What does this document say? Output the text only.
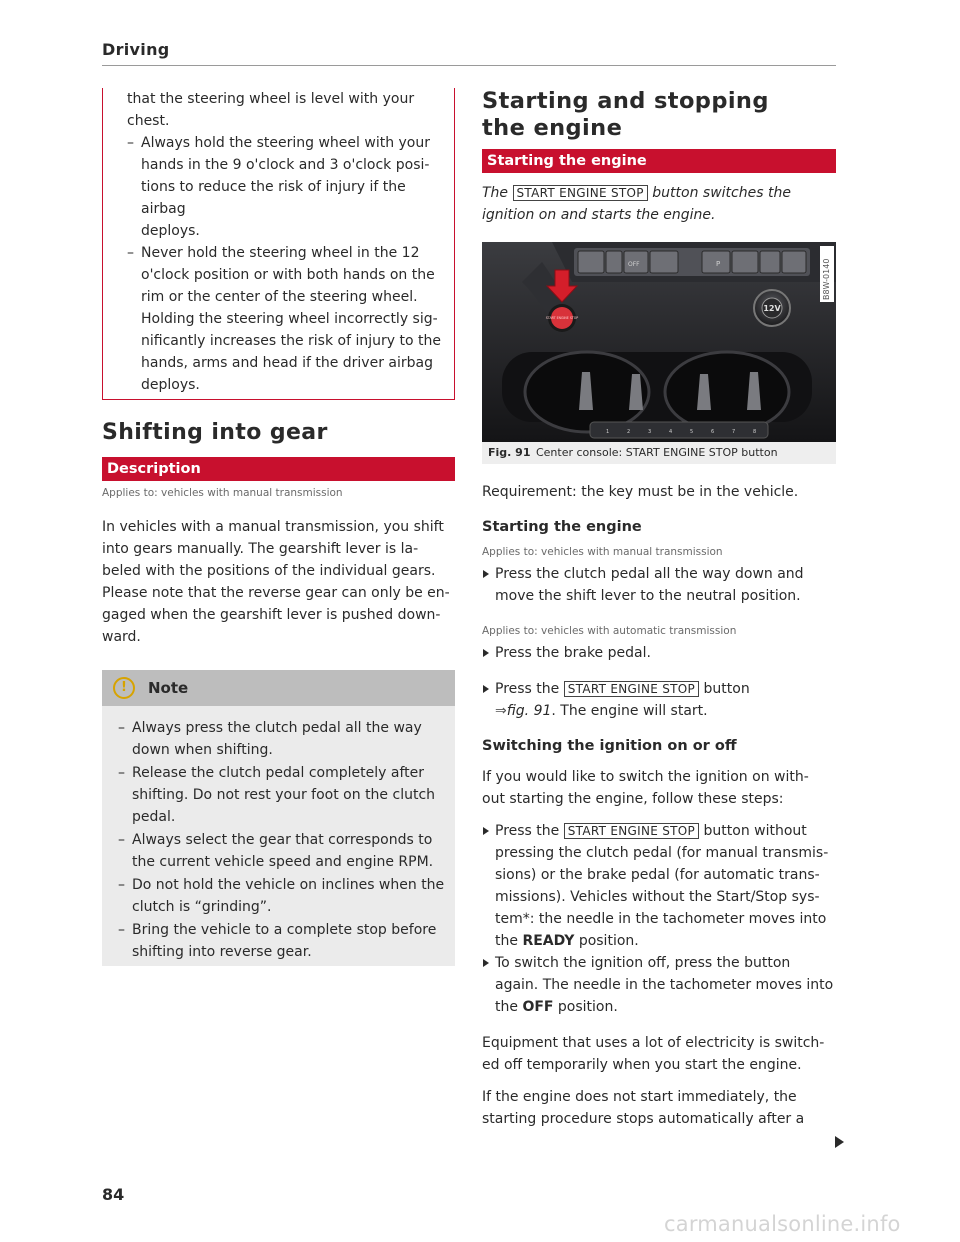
Driving
that the steering wheel is level with your
chest.
– Always hold the steering wheel with your
hands in the 9 o'clock and 3 o'clock posi-
tions to reduce the risk of injury if the airbag
deploys.
– Never hold the steering wheel in the 12
o'clock position or with both hands on the
rim or the center of the steering wheel.
Holding the steering wheel incorrectly sig-
nificantly increases the risk of injury to the
hands, arms and head if the driver airbag
deploys.
Shifting into gear
Description
Applies to: vehicles with manual transmission
In vehicles with a manual transmission, you shift
into gears manually. The gearshift lever is la-
beled with the positions of the individual gears.
Please note that the reverse gear can only be en-
gaged when the gearshift lever is pushed down-
ward.
!	Note
– Always press the clutch pedal all the way
down when shifting.
– Release the clutch pedal completely after
shifting. Do not rest your foot on the clutch
pedal.
– Always select the gear that corresponds to
the current vehicle speed and engine RPM.
– Do not hold the vehicle on inclines when the
clutch is “grinding”.
– Bring the vehicle to a complete stop before
shifting into reverse gear.
Starting and stopping
the engine
Starting the engine
The START ENGINE STOP button switches the
ignition on and starts the engine.
OFF	P
START ENGINE STOP
12V
1	2	3	4	5	6	7	8
B8W-0140
Fig. 91 Center console: START ENGINE STOP button
Requirement: the key must be in the vehicle.
Starting the engine
Applies to: vehicles with manual transmission
Press the clutch pedal all the way down and
move the shift lever to the neutral position.
Applies to: vehicles with automatic transmission
Press the brake pedal.
Press the START ENGINE STOP button
⇒fig. 91. The engine will start.
Switching the ignition on or off
If you would like to switch the ignition on with-
out starting the engine, follow these steps:
Press the START ENGINE STOP button without
pressing the clutch pedal (for manual transmis-
sions) or the brake pedal (for automatic trans-
missions). Vehicles without the Start/Stop sys-
tem*: the needle in the tachometer moves into
the READY position.
To switch the ignition off, press the button
again. The needle in the tachometer moves into
the OFF position.
Equipment that uses a lot of electricity is switch-
ed off temporarily when you start the engine.
If the engine does not start immediately, the
starting procedure stops automatically after a
84
carmanualsonline.info
